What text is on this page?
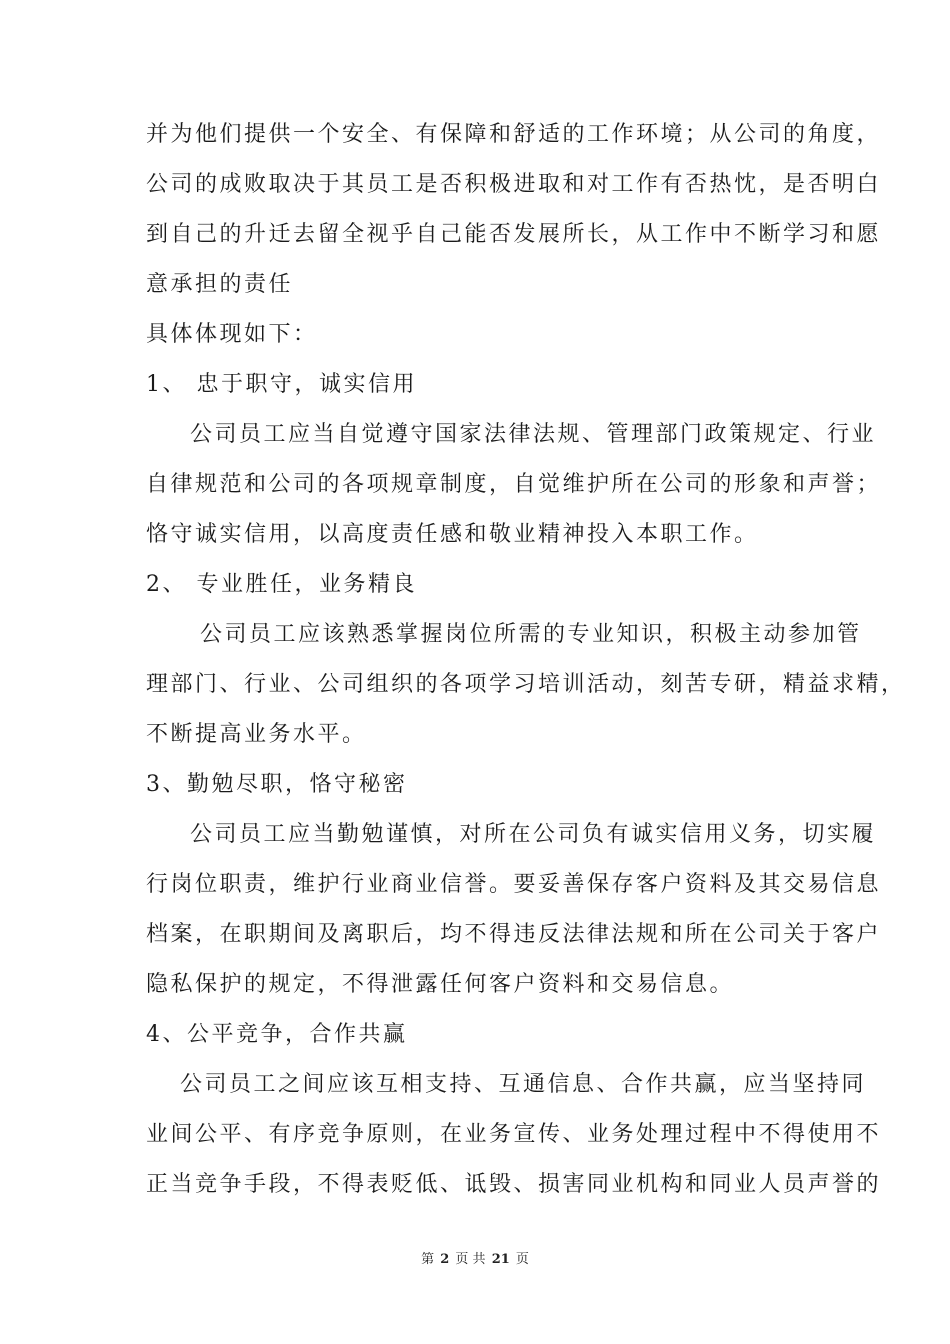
并为他们提供一个安全、有保障和舒适的工作环境；从公司的角度，
公司的成败取决于其员工是否积极进取和对工作有否热忱，是否明白
到自己的升迁去留全视乎自己能否发展所长，从工作中不断学习和愿
意承担的责任
具体体现如下：
1、 忠于职守，诚实信用
公司员工应当自觉遵守国家法律法规、管理部门政策规定、行业
自律规范和公司的各项规章制度，自觉维护所在公司的形象和声誉；
恪守诚实信用，以高度责任感和敬业精神投入本职工作。
2、 专业胜任，业务精良
公司员工应该熟悉掌握岗位所需的专业知识，积极主动参加管
理部门、行业、公司组织的各项学习培训活动，刻苦专研，精益求精，
不断提高业务水平。
3、勤勉尽职，恪守秘密
公司员工应当勤勉谨慎，对所在公司负有诚实信用义务，切实履
行岗位职责，维护行业商业信誉。要妥善保存客户资料及其交易信息
档案，在职期间及离职后，均不得违反法律法规和所在公司关于客户
隐私保护的规定，不得泄露任何客户资料和交易信息。
4、公平竞争，合作共赢
公司员工之间应该互相支持、互通信息、合作共赢，应当坚持同
业间公平、有序竞争原则，在业务宣传、业务处理过程中不得使用不
正当竞争手段，不得表贬低、诋毁、损害同业机构和同业人员声誉的
第 2 页 共 21 页
